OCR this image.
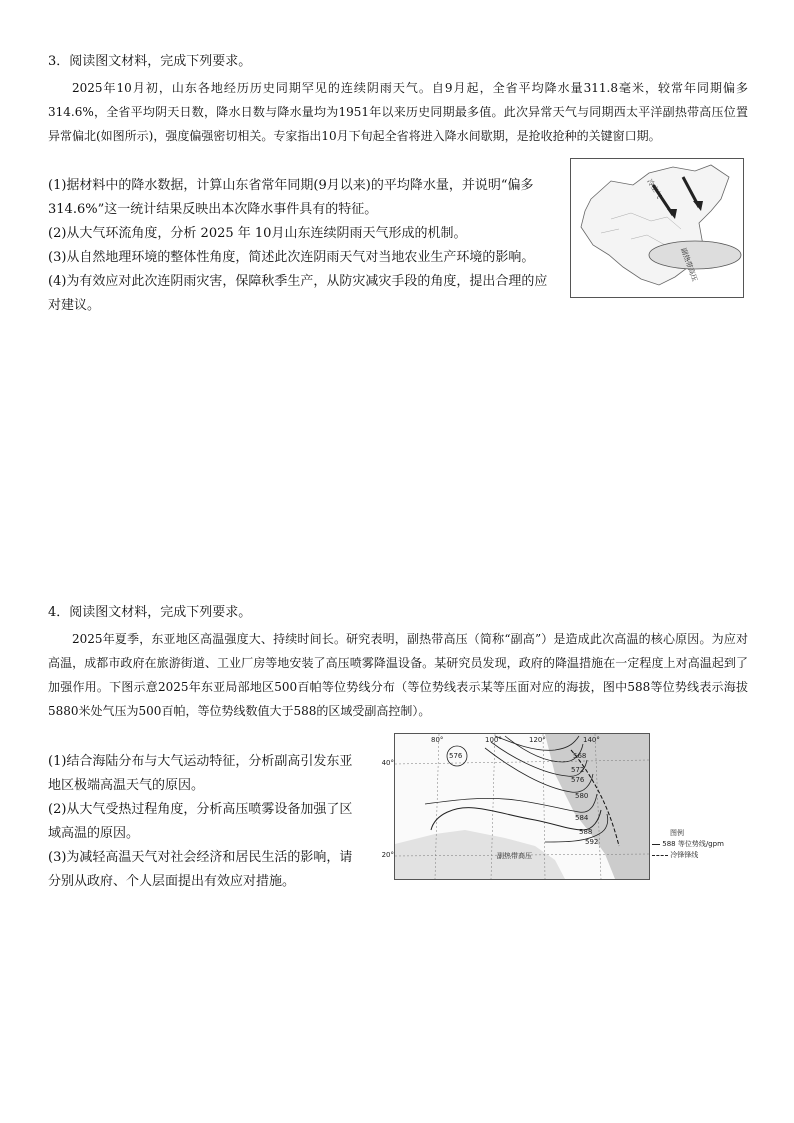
3．阅读图文材料，完成下列要求。

2025年10月初，山东各地经历历史同期罕见的连续阴雨天气。自9月起，全省平均降水量311.8毫米，较常年同期偏多314.6%，全省平均阴天日数，降水日数与降水量均为1951年以来历史同期最多值。此次异常天气与同期西太平洋副热带高压位置异常偏北(如图所示)，强度偏强密切相关。专家指出10月下旬起全省将进入降水间歇期，是抢收抢种的关键窗口期。

(1)据材料中的降水数据，计算山东省常年同期(9月以来)的平均降水量，并说明“偏多 314.6%”这一统计结果反映出本次降水事件具有的特征。

(2)从大气环流角度，分析 2025 年 10月山东连续阴雨天气形成的机制。

(3)从自然地理环境的整体性角度，简述此次连阴雨天气对当地农业生产环境的影响。

(4)为有效应对此次连阴雨灾害，保障秋季生产，从防灾减灾手段的角度，提出合理的应对建议。

冷空气
副热带高压
4．阅读图文材料，完成下列要求。

2025年夏季，东亚地区高温强度大、持续时间长。研究表明，副热带高压（简称“副高”）是造成此次高温的核心原因。为应对高温，成都市政府在旅游街道、工业厂房等地安装了高压喷雾降温设备。某研究员发现，政府的降温措施在一定程度上对高温起到了加强作用。下图示意2025年东亚局部地区500百帕等位势线分布（等位势线表示某等压面对应的海拔，图中588等位势线表示海拔5880米处气压为500百帕，等位势线数值大于588的区域受副高控制）。

(1)结合海陆分布与大气运动特征，分析副高引发东亚地区极端高温天气的原因。

(2)从大气受热过程角度，分析高压喷雾设备加强了区域高温的原因。

(3)为减轻高温天气对社会经济和居民生活的影响，请分别从政府、个人层面提出有效应对措施。

80°	100°	120°	140°
576	568
572
576
580
584
588
592
副热带高压
40°
20°
图例
588 等位势线/gpm
冷锋锋线
